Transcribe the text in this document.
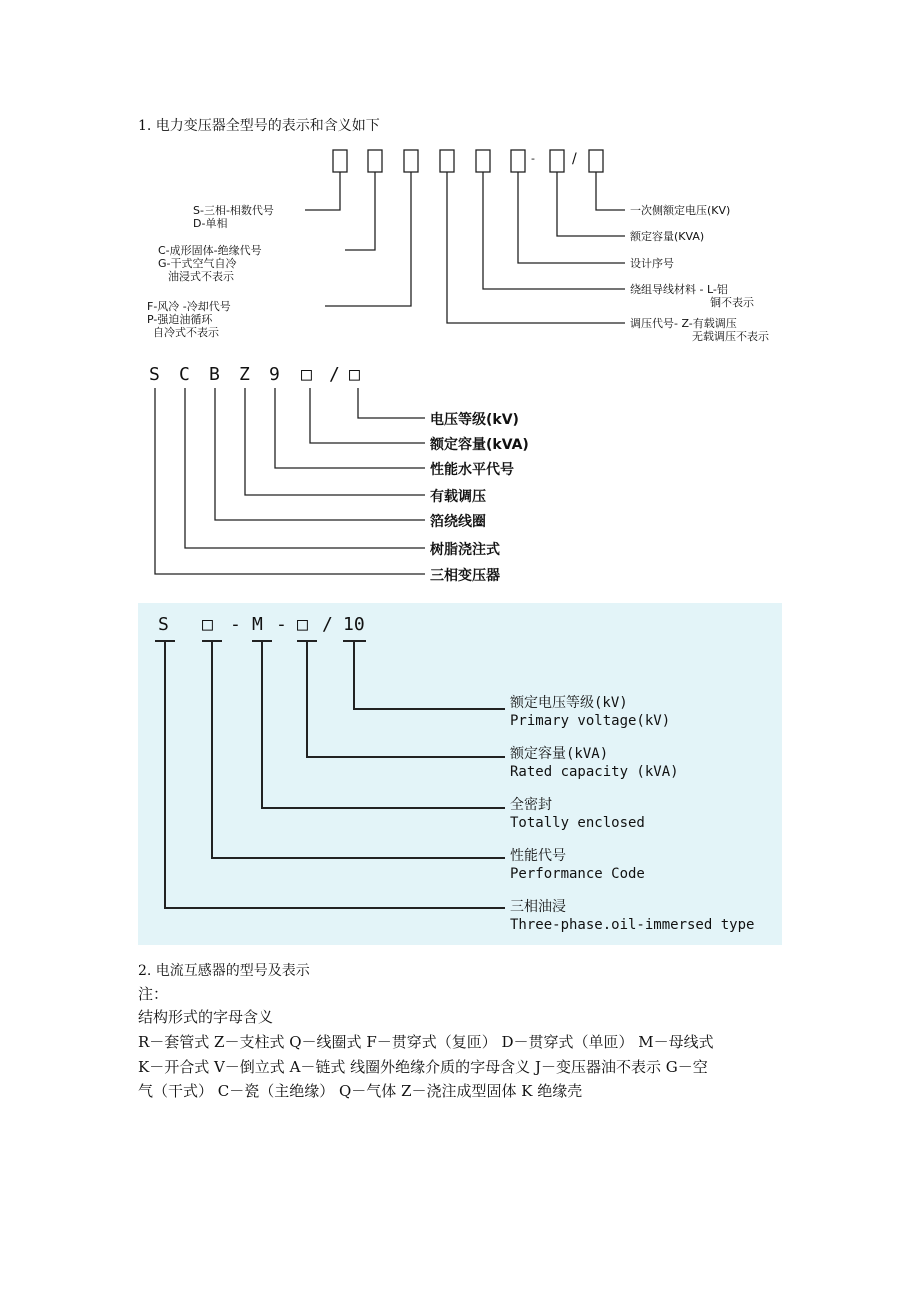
1. 电力变压器全型号的表示和含义如下
-	/
S-三相-相数代号
D-单相
C-成形固体-绝缘代号
G-干式空气自冷
油浸式不表示
F-风冷 -冷却代号
P-强迫油循环
自冷式不表示
一次侧额定电压(KV)
额定容量(KVA)
设计序号
绕组导线材料 - L-铝
铜不表示
调压代号- Z-有载调压
无载调压不表示
S C B Z 9 □ / □
电压等级(kV)
额定容量(kVA)
性能水平代号
有载调压
箔绕线圈
树脂浇注式
三相变压器
S □ - M - □ / 10
额定电压等级(kV)
Primary voltage(kV)
额定容量(kVA)
Rated capacity (kVA)
全密封
Totally enclosed
性能代号
Performance Code
三相油浸
Three-phase.oil-immersed type
2. 电流互感器的型号及表示
注：
结构形式的字母含义
R－套管式 Z－支柱式 Q－线圈式 F－贯穿式（复匝） D－贯穿式（单匝） M－母线式
K－开合式 V－倒立式 A－链式 线圈外绝缘介质的字母含义 J－变压器油不表示 G－空
气（干式） C－瓷（主绝缘） Q－气体 Z－浇注成型固体 K 绝缘壳
